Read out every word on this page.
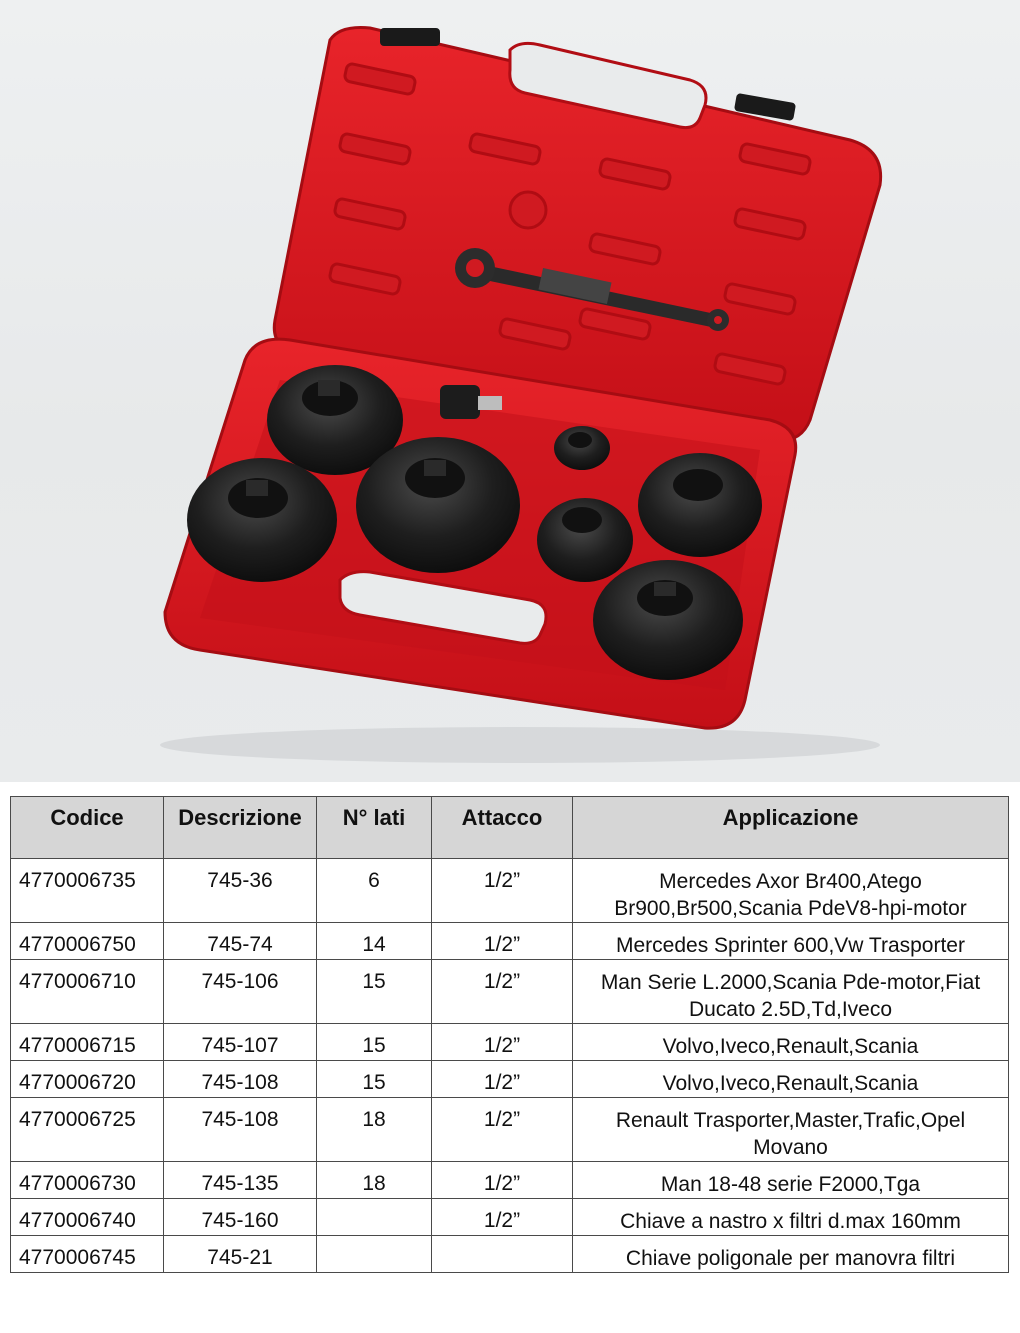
Codice	Descrizione	N° lati	Attacco	Applicazione
4770006735	745-36	6	1/2”	Mercedes Axor Br400,Atego Br900,Br500,Scania PdeV8-hpi-motor
4770006750	745-74	14	1/2”	Mercedes Sprinter 600,Vw Trasporter
4770006710	745-106	15	1/2”	Man Serie L.2000,Scania Pde-motor,Fiat Ducato 2.5D,Td,Iveco
4770006715	745-107	15	1/2”	Volvo,Iveco,Renault,Scania
4770006720	745-108	15	1/2”	Volvo,Iveco,Renault,Scania
4770006725	745-108	18	1/2”	Renault Trasporter,Master,Trafic,Opel Movano
4770006730	745-135	18	1/2”	Man 18-48 serie F2000,Tga
4770006740	745-160		1/2”	Chiave a nastro x filtri d.max 160mm
4770006745	745-21			Chiave poligonale per manovra filtri
